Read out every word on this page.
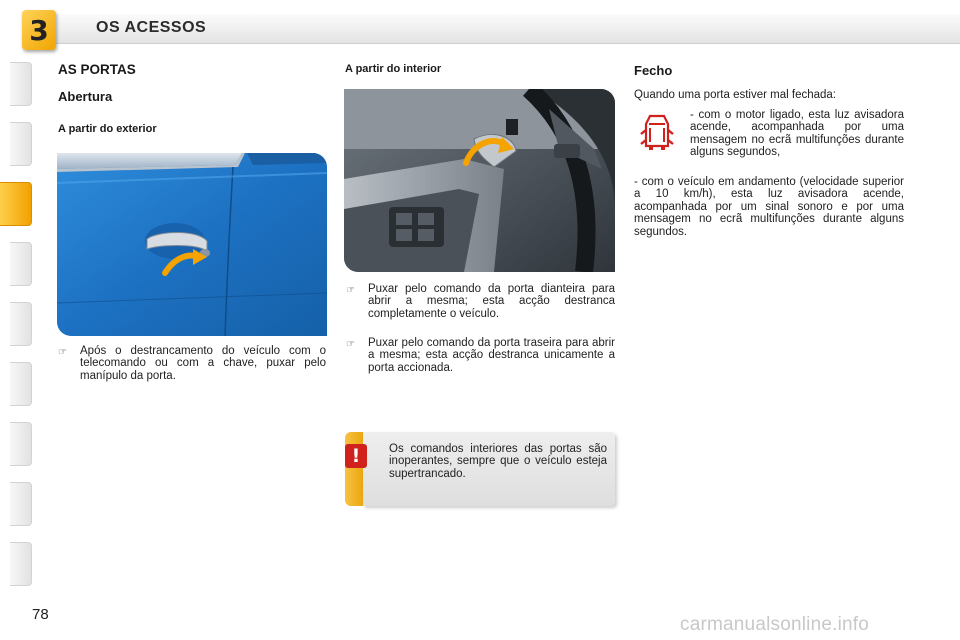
3	OS ACESSOS
AS PORTAS
Abertura
A partir do exterior
☞ Após o destrancamento do veículo com o telecomando ou com a chave, puxar pelo manípulo da porta.
A partir do interior
☞ Puxar pelo comando da porta dianteira para abrir a mesma; esta acção destranca completamente o veículo.
☞ Puxar pelo comando da porta traseira para abrir a mesma; esta acção destranca unicamente a porta accionada.
Os comandos interiores das portas são inoperantes, sempre que o veículo esteja supertrancado.
!
Fecho
Quando uma porta estiver mal fechada:
- com o motor ligado, esta luz avisadora acende, acompanhada por uma mensagem no ecrã multifunções durante alguns segundos,
- com o veículo em andamento (velocidade superior a 10 km/h), esta luz avisadora acende, acompanhada por um sinal sonoro e por uma mensagem no ecrã multifunções durante alguns segundos.
78	carmanualsonline.info
